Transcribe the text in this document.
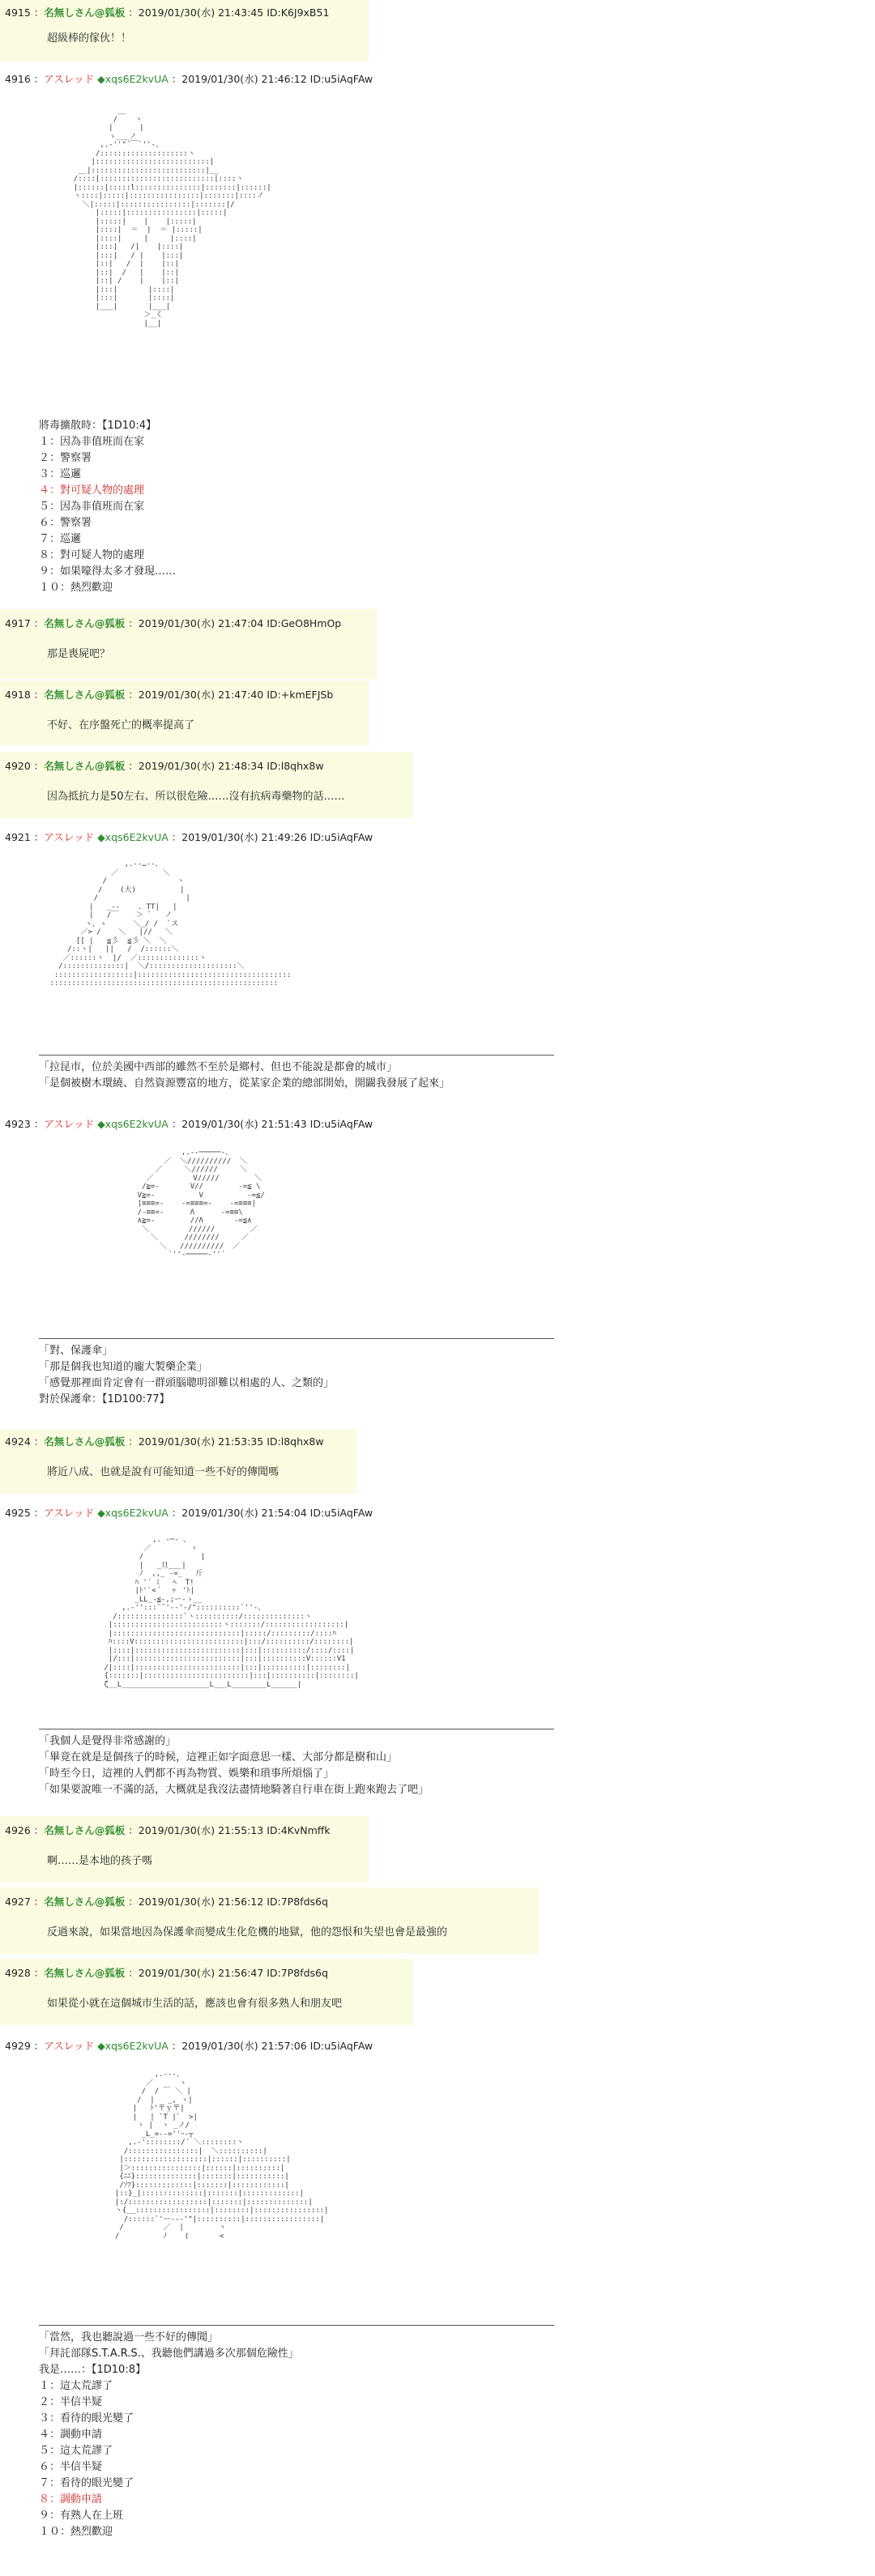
4915 ：名無しさん@狐板 ：2019/01/30(水) 21:43:45 ID:K6J9xB51
超級棒的傢伙！！
4916 ：アスレッド ◆xqs6E2kvUA ：2019/01/30(水) 21:46:12 ID:u5iAqFAw
__
/    ヽ
|      |
ゝ___ノ
,.‐''"´￣`''‐、
/::::::::::::::::::::ヽ
|::::::::::::::::::::::::::|
__|::::::::::::::::::::::::::|__
/::::|::::::::::::::::::::::::::|::::ヽ
|::::::|:::::l:::::::::::::::|:::::::|::::::|
ヽ::::|:::::|::::::::::::::::|:::::::|::::ノ
＼|:::::|::::::::::::::::|:::::::|/
|:::::|::::::::::::::::|:::::|
|:::::|    |    |:::::|
|::::|  ＝  |  ＝ |:::::|
|::::|     |     |::::|
|:::|   /|    |::::|
|:::|   / |    |:::|
|::|   /  |    |::|
|::|  /   |    |::|
|::| /    |    |::|
|:::|       |::::|
|:::|       |::::|
|___|       |___|
＞_く
|__|
將毒擴散時：【1D10:4】
１：因為非值班而在家
２：警察署
３：巡邏
４：對可疑人物的處理
５：因為非值班而在家
６：警察署
７：巡邏
８：對可疑人物的處理
９：如果嚎得太多才發現……
１０：熱烈歡迎
4917 ：名無しさん@狐板 ：2019/01/30(水) 21:47:04 ID:GeO8HmOp
那是喪屍吧？
4918 ：名無しさん@狐板 ：2019/01/30(水) 21:47:40 ID:+kmEFJSb
不好、在序盤死亡的概率提高了
4920 ：名無しさん@狐板 ：2019/01/30(水) 21:48:34 ID:l8qhx8w
因為抵抗力是50左右、所以很危險……沒有抗病毒藥物的話……
4921 ：アスレッド ◆xqs6E2kvUA ：2019/01/30(水) 21:49:26 ID:u5iAqFAw
,.-‐…‐-、
／          ＼
/                ヽ
/    (大)          |
/                    |
|   _--    . TT|   |
|   /￣    ＞ ﾟ   ノ
ヽ、ゝ      ＼_/ /  `ス
／> /    ＼   |//   ＼
[[ |   ≦彡  ≦彡 ＼  ＼
/::ヽ|   ||   /  /::::::＼
／::::::ヽ  |/  ／::::::::::::::ヽ
/::::::::::::::|  ＼/::::::::::::::::::::＼
::::::::::::::::::|:::::::::::::::::::::::::::::::::::
::::::::::::::::::::::::::::::::::::::::::::::::::::
「拉昆市，位於美國中西部的雖然不至於是鄉村、但也不能說是都會的城市」
「是個被樹木環繞、自然資源豐富的地方，從某家企業的總部開始，開闢我發展了起來」
4923 ：アスレッド ◆xqs6E2kvUA ：2019/01/30(水) 21:51:43 ID:u5iAqFAw
,.-‐─────-、
／  ＼//////////  ＼
／     ＼//////     ＼
／         V/////        ＼
/≧=-       V//        -=≦ \
V≧=-          V          -=≦/
|≡≡≡=-    -=≡≡≡=-    -=≡≡≡|
/-≡≡=-      Λ      -=≡≡\
∧≧=-        //Λ       -=≦∧
＼         //////        ／
＼      ////////     ／
＼   //////////  ／
`''‐─────‐''´
「對、保護傘」
「那是個我也知道的龐大製藥企業」
「感覺那裡面肯定會有一群頭腦聰明卻難以相處的人、之類的」
對於保護傘：【1D100:77】
4924 ：名無しさん@狐板 ：2019/01/30(水) 21:53:35 ID:l8qhx8w
將近八成、也就是說有可能知道一些不好的傳聞嗎
4925 ：アスレッド ◆xqs6E2kvUA ：2019/01/30(水) 21:54:04 ID:u5iAqFAw
,. -─- 、
／         ヽ
/             |
|   _旦___|
ﾉ  ,,_ ‐=_   斤
ﾊ '´ ﾐ   ﾍ  ̄T!
|ﾄ'`< ﾞ  ヶ 'ﾄ|
_LL_-≦-,;ー-ゝ__
,.-'':::¨¨'‐-'-/"::::::::::`''‐、
/:::::::::::::::`ヽ::::::::::/::::::::::::::ヽ
|:::::::::::::::::::::::::ヽ:::::::/::::::::::::::::::|
|:::::::::::::::::::::::::::::|:::::/:::::::::/::::ﾊ
ﾊ::::V:::::::::::::::::::::::::|:::/::::::::::/::::::::|
|::::|::::::::::::::::::::::::|:::|::::::::::/::::/::::|
|/:::|::::::::::::::::::::::::|:::|::::::::::V::::::V1
/|::::|::::::::::::::::::::::::|:::|::::::::::|::::::::|
{:::::::|::::::::::::::::::::::::|:::|::::::::::|::::::::|
ζ__L____________________L___L________L______|
「我個人是覺得非常感謝的」
「畢竟在就是是個孩子的時候，這裡正如字面意思一樣、大部分都是樹和山」
「時至今日，這裡的人們都不再為物質、娛樂和瑣事所煩惱了」
「如果要說唯一不滿的話，大概就是我沒法盡情地騎著自行車在街上跑來跑去了吧」
4926 ：名無しさん@狐板 ：2019/01/30(水) 21:55:13 ID:4KvNmffk
啊……是本地的孩子嗎
4927 ：名無しさん@狐板 ：2019/01/30(水) 21:56:12 ID:7P8fds6q
反過來說，如果當地因為保護傘而變成生化危機的地獄，他的怨恨和失望也會是最強的
4928 ：名無しさん@狐板 ：2019/01/30(水) 21:56:47 ID:7P8fds6q
如果從小就在這個城市生活的話，應該也會有很多熟人和朋友吧
4929 ：アスレッド ◆xqs6E2kvUA ：2019/01/30(水) 21:57:06 ID:u5iAqFAw
,.-‐-、
／      ヽ
/  / ￣ ＼ |
/  |   _, ヽ|
|   ﾄ'〒ｙ〒|
|   | `T |ﾞ  >|
ヽ |  ヽ _ノ/
_L_=-‐=''ｰ‐┬
,.-'::::::::/´ ＼::::::::ヽ
/::::::::::::::::|  ＼::::::::::|
|:::::::::::::::::::|::::::|::::::::::|
|＞::::::::::::::::|::::::|::::::::::|
{ﾆﾆ}::::::::::::::|:::::::|:::::::::::|
/ｿﾌ}:::::::::::::|:::::::|::::::::::::|
|::}_|::::::::::::::|:::::::|:::::::::::::|
|:/::::::::::::::::::|:::::::|::::::::::::::|
ヽ{__:::::::::::::::::|::::::::|::::::::::::::::|
/::::::`'ー--‐'"|::::::::::|:::::::::::::::::|
/         ／  |        ヽ
/          ﾉ    (       <
「當然，我也聽說過一些不好的傳聞」
「拜託部隊S.T.A.R.S.、我聽他們講過多次那個危險性」
我是……：【1D10:8】
１：這太荒謬了
２：半信半疑
３：看待的眼光變了
４：調動申請
５：這太荒謬了
６：半信半疑
７：看待的眼光變了
８：調動申請
９：有熟人在上班
１０：熱烈歡迎
